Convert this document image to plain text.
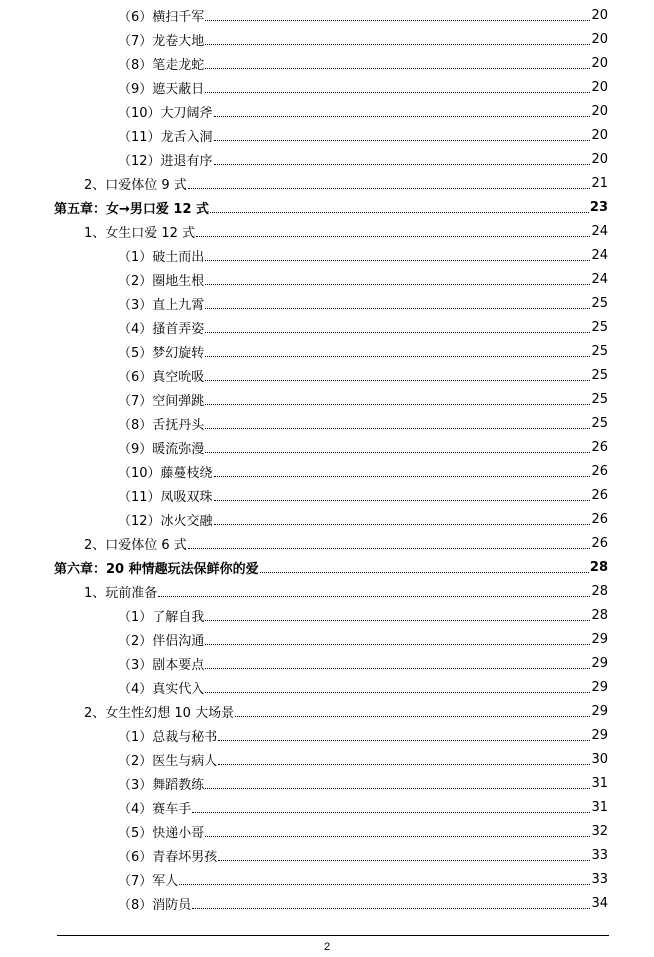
（6）横扫千军	20
（7）龙卷大地	20
（8）笔走龙蛇	20
（9）遮天蔽日	20
（10）大刀阔斧	20
（11）龙舌入洞	20
（12）进退有序	20
2、口爱体位 9 式	21
第五章：女→男口爱 12 式	23
1、女生口爱 12 式	24
（1）破土而出	24
（2）圈地生根	24
（3）直上九霄	25
（4）搔首弄姿	25
（5）梦幻旋转	25
（6）真空吮吸	25
（7）空间弹跳	25
（8）舌抚丹头	25
（9）暖流弥漫	26
（10）藤蔓枝绕	26
（11）凤吸双珠	26
（12）冰火交融	26
2、口爱体位 6 式	26
第六章：20 种情趣玩法保鲜你的爱	28
1、玩前准备	28
（1）了解自我	28
（2）伴侣沟通	29
（3）剧本要点	29
（4）真实代入	29
2、女生性幻想 10 大场景	29
（1）总裁与秘书	29
（2）医生与病人	30
（3）舞蹈教练	31
（4）赛车手	31
（5）快递小哥	32
（6）青春坏男孩	33
（7）军人	33
（8）消防员	34
2
